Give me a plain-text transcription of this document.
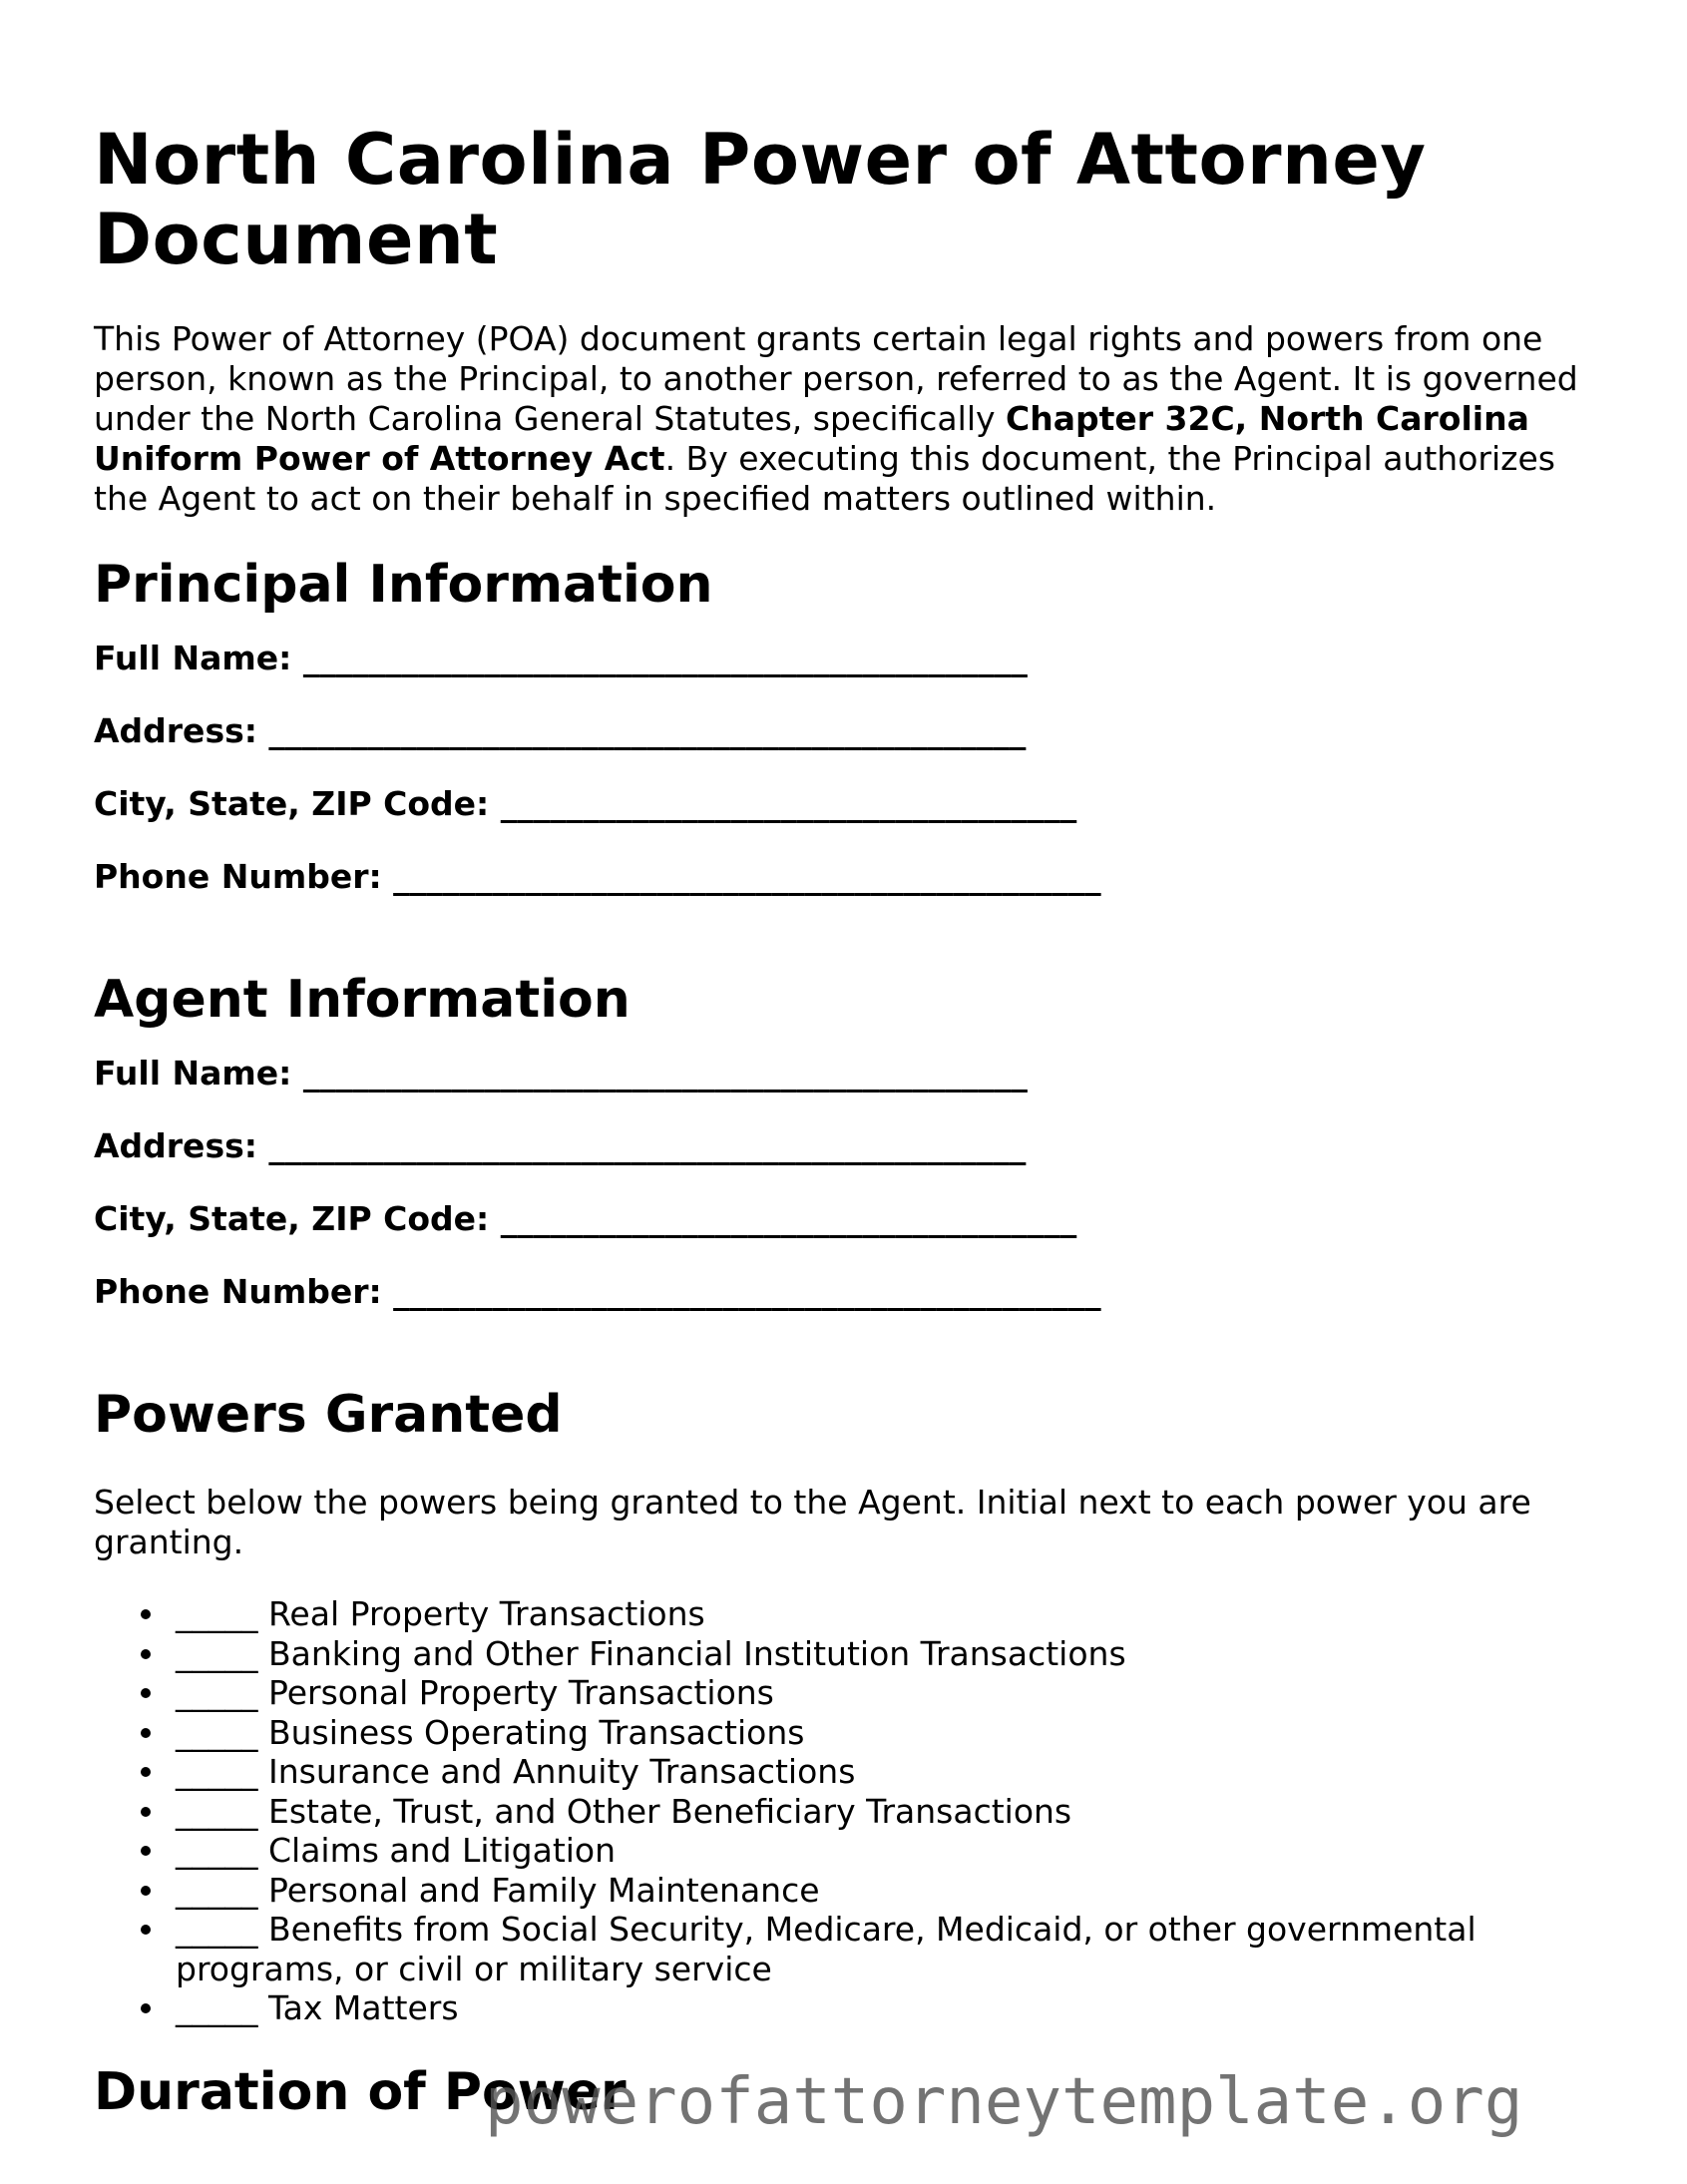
North Carolina Power of Attorney Document

This Power of Attorney (POA) document grants certain legal rights and powers from one person, known as the Principal, to another person, referred to as the Agent. It is governed under the North Carolina General Statutes, specifically Chapter 32C, North Carolina Uniform Power of Attorney Act. By executing this document, the Principal authorizes the Agent to act on their behalf in specified matters outlined within.

Principal Information
Full Name: ____________________________________________
Address: ______________________________________________
City, State, ZIP Code: ___________________________________
Phone Number: ___________________________________________
Agent Information
Full Name: ____________________________________________
Address: ______________________________________________
City, State, ZIP Code: ___________________________________
Phone Number: ___________________________________________
Powers Granted

Select below the powers being granted to the Agent. Initial next to each power you are granting.

_____ Real Property Transactions
_____ Banking and Other Financial Institution Transactions
_____ Personal Property Transactions
_____ Business Operating Transactions
_____ Insurance and Annuity Transactions
_____ Estate, Trust, and Other Beneficiary Transactions
_____ Claims and Litigation
_____ Personal and Family Maintenance
_____ Benefits from Social Security, Medicare, Medicaid, or other governmental programs, or civil or military service
_____ Tax Matters
Duration of Power
powerofattorneytemplate.org
